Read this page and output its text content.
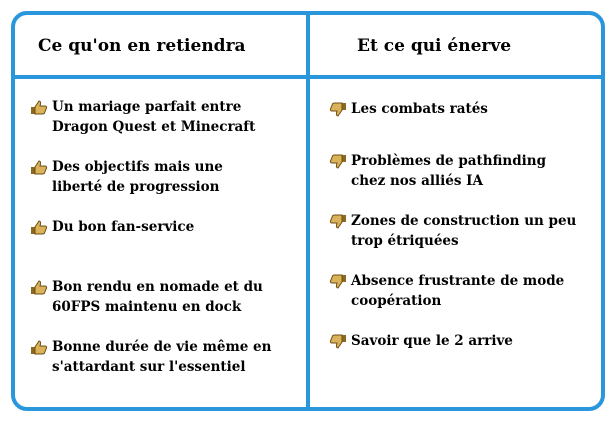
Ce qu'on en retiendra	Et ce qui énerve
Un mariage parfait entre
Dragon Quest et Minecraft
Des objectifs mais une
liberté de progression
Du bon fan-service

Bon rendu en nomade et du
60FPS maintenu en dock
Bonne durée de vie même en
s'attardant sur l'essentiel
Les combats ratés

Problèmes de pathfinding
chez nos alliés IA
Zones de construction un peu
trop étriquées
Absence frustrante de mode
coopération
Savoir que le 2 arrive
